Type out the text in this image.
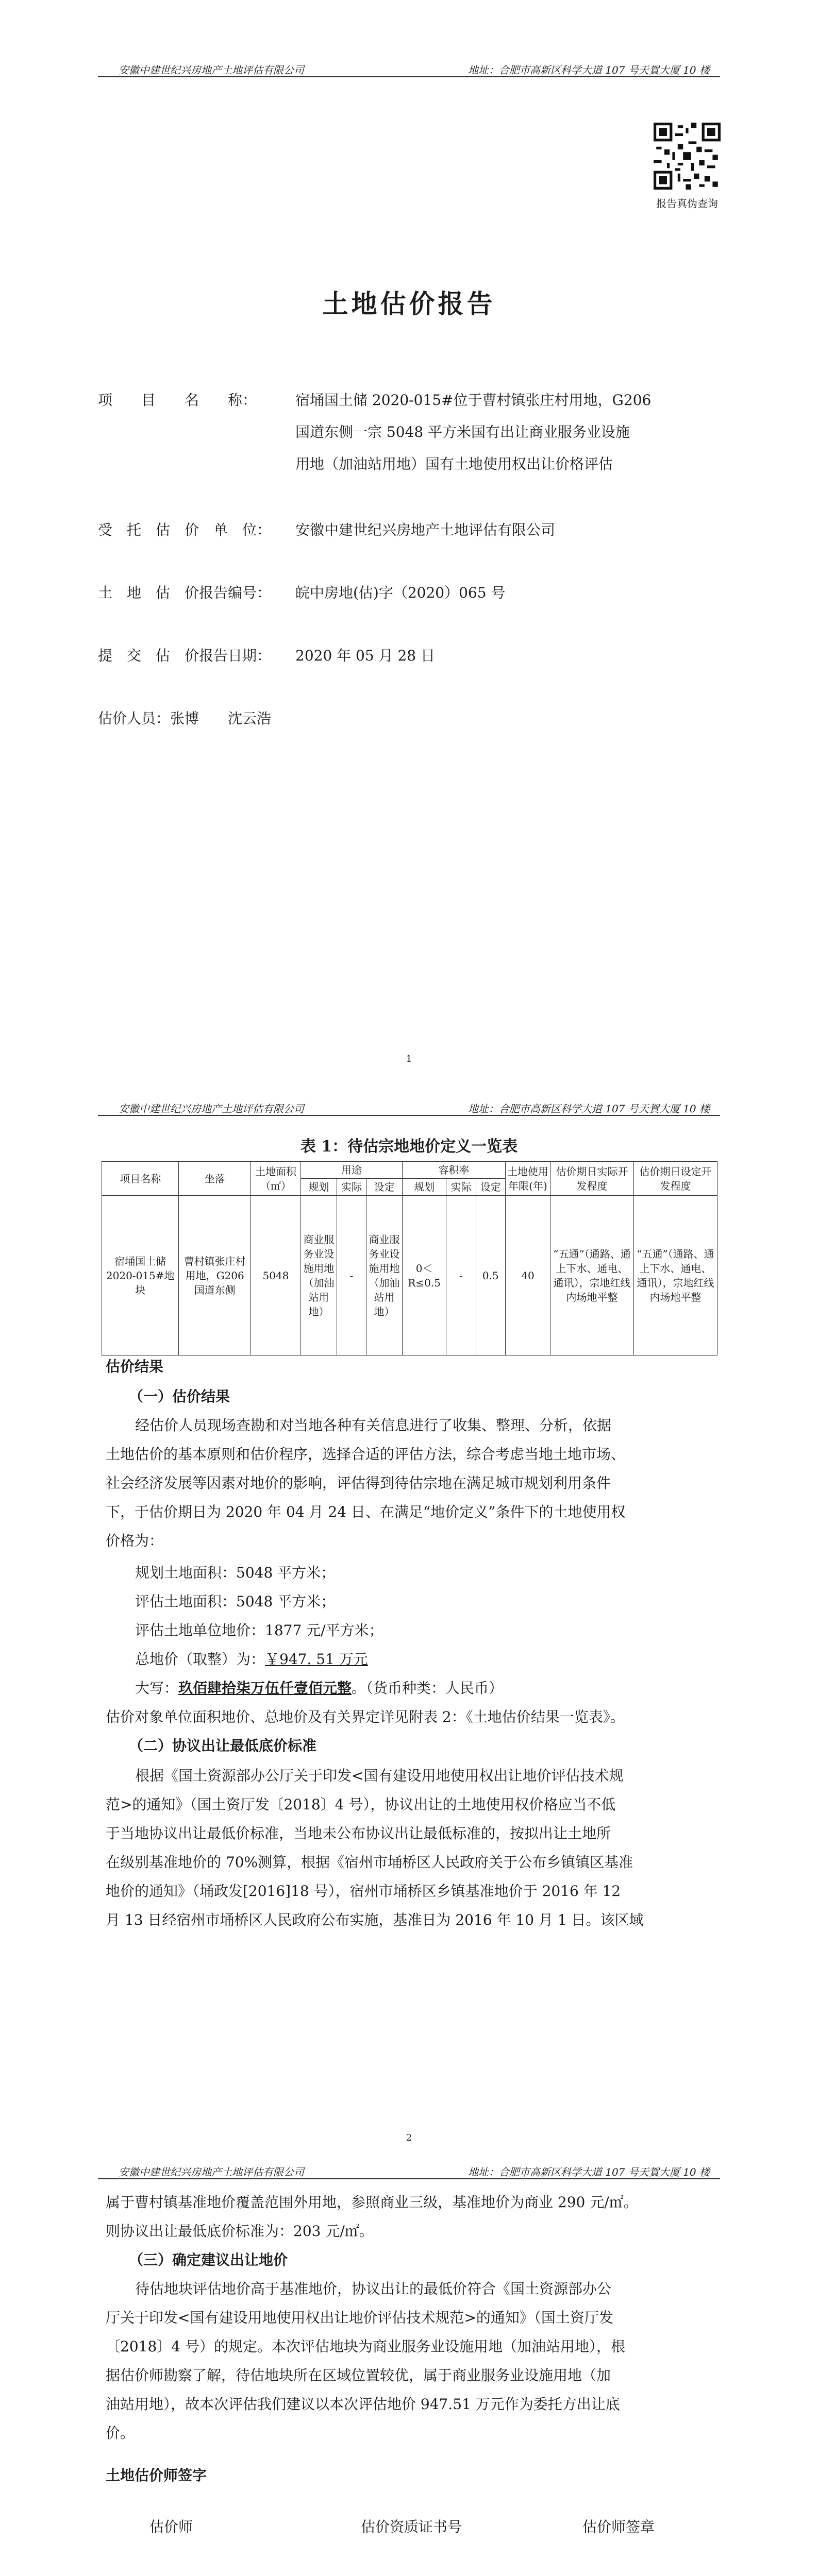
安徽中建世纪兴房地产土地评估有限公司	地址：合肥市高新区科学大道 107 号天賀大厦 10 楼
报告真伪查询
土地估价报告
项　　目　　名　　称：	宿埇国土储 2020-015#位于曹村镇张庄村用地，G206
国道东侧一宗 5048 平方米国有出让商业服务业设施
用地（加油站用地）国有土地使用权出让价格评估
受　托　估　价　单　位： 安徽中建世纪兴房地产土地评估有限公司
土　地　估　价报告编号： 皖中房地(估)字（2020）065 号
提　交　估　价报告日期： 2020 年 05 月 28 日
估价人员： 张博　　沈云浩
1
安徽中建世纪兴房地产土地评估有限公司	地址：合肥市高新区科学大道 107 号天賀大厦 10 楼
表 1：待估宗地地价定义一览表
项目名称	坐落	土地面积（㎡）	用途			容积率			土地使用年限(年)	估价期日实际开发程度	估价期日设定开发程度
			规划	实际	设定	规划	实际	设定			
宿埇国土储 2020-015#地块	曹村镇张庄村用地，G206 国道东侧	5048	商业服务业设施用地（加油站用地）	-	商业服务业设施用地（加油站用地）	0＜R≤0.5	-	0.5	40	“五通”（通路、通上下水、通电、通讯），宗地红线内场地平整	“五通”（通路、通上下水、通电、通讯），宗地红线内场地平整
估价结果
（一）估价结果
经估价人员现场查勘和对当地各种有关信息进行了收集、整理、分析，依据
土地估价的基本原则和估价程序，选择合适的评估方法，综合考虑当地土地市场、
社会经济发展等因素对地价的影响，评估得到待估宗地在满足城市规划利用条件
下，于估价期日为 2020 年 04 月 24 日、在满足“地价定义”条件下的土地使用权
价格为：
规划土地面积：5048 平方米；
评估土地面积：5048 平方米；
评估土地单位地价：1877 元/平方米；
总地价（取整）为：￥947. 51 万元
大写：玖佰肆拾柒万伍仟壹佰元整。（货币种类：人民币）
估价对象单位面积地价、总地价及有关界定详见附表 2：《土地估价结果一览表》。
（二）协议出让最低底价标准
根据《国土资源部办公厅关于印发<国有建设用地使用权出让地价评估技术规
范>的通知》（国土资厅发〔2018〕4 号），协议出让的土地使用权价格应当不低
于当地协议出让最低价标准，当地未公布协议出让最低标准的，按拟出让土地所
在级别基准地价的 70%测算，根据《宿州市埇桥区人民政府关于公布乡镇镇区基准
地价的通知》（埇政发[2016]18 号），宿州市埇桥区乡镇基准地价于 2016 年 12
月 13 日经宿州市埇桥区人民政府公布实施，基准日为 2016 年 10 月 1 日。该区域
2
安徽中建世纪兴房地产土地评估有限公司	地址：合肥市高新区科学大道 107 号天賀大厦 10 楼
属于曹村镇基准地价覆盖范围外用地，参照商业三级，基准地价为商业 290 元/㎡。
则协议出让最低底价标准为：203 元/㎡。
（三）确定建议出让地价
待估地块评估地价高于基准地价，协议出让的最低价符合《国土资源部办公
厅关于印发<国有建设用地使用权出让地价评估技术规范>的通知》（国土资厅发
〔2018〕4 号）的规定。本次评估地块为商业服务业设施用地（加油站用地），根
据估价师勘察了解，待估地块所在区域位置较优，属于商业服务业设施用地（加
油站用地），故本次评估我们建议以本次评估地价 947.51 万元作为委托方出让底
价。
土地估价师签字
估价师	估价资质证书号	估价师签章
